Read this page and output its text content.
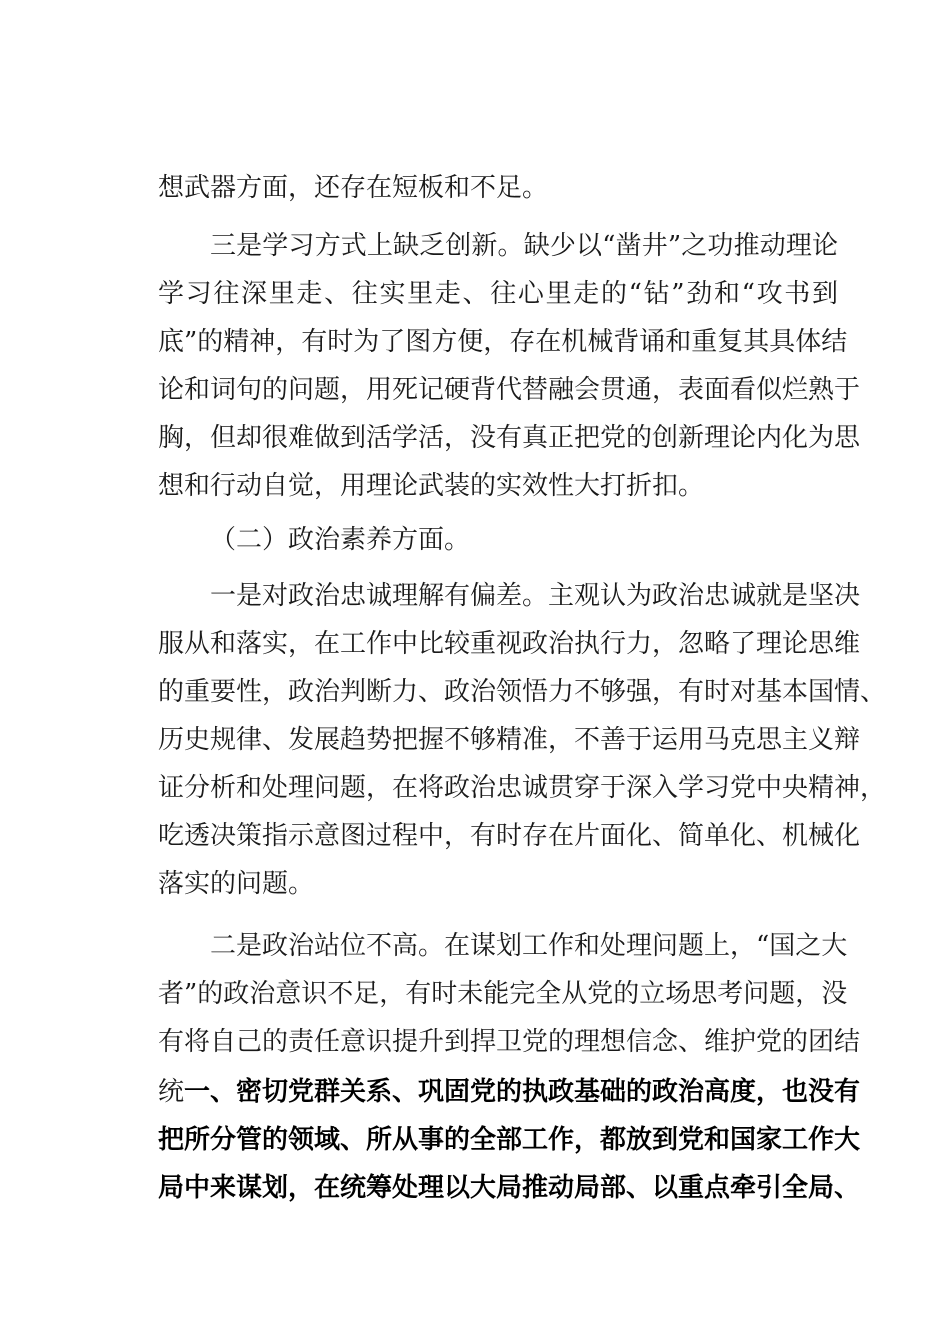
想武器方面，还存在短板和不足。
三是学习方式上缺乏创新。缺少以“凿井”之功推动理论
学习往深里走、往实里走、往心里走的“钻”劲和“攻书到
底”的精神，有时为了图方便，存在机械背诵和重复其具体结
论和词句的问题，用死记硬背代替融会贯通，表面看似烂熟于
胸，但却很难做到活学活，没有真正把党的创新理论内化为思
想和行动自觉，用理论武装的实效性大打折扣。
（二）政治素养方面。
一是对政治忠诚理解有偏差。主观认为政治忠诚就是坚决
服从和落实，在工作中比较重视政治执行力，忽略了理论思维
的重要性，政治判断力、政治领悟力不够强，有时对基本国情、
历史规律、发展趋势把握不够精准，不善于运用马克思主义辩
证分析和处理问题，在将政治忠诚贯穿于深入学习党中央精神，
吃透决策指示意图过程中，有时存在片面化、简单化、机械化
落实的问题。
二是政治站位不高。在谋划工作和处理问题上，“国之大
者”的政治意识不足，有时未能完全从党的立场思考问题，没
有将自己的责任意识提升到捍卫党的理想信念、维护党的团结
统一、密切党群关系、巩固党的执政基础的政治高度，也没有
把所分管的领域、所从事的全部工作，都放到党和国家工作大
局中来谋划，在统筹处理以大局推动局部、以重点牵引全局、
